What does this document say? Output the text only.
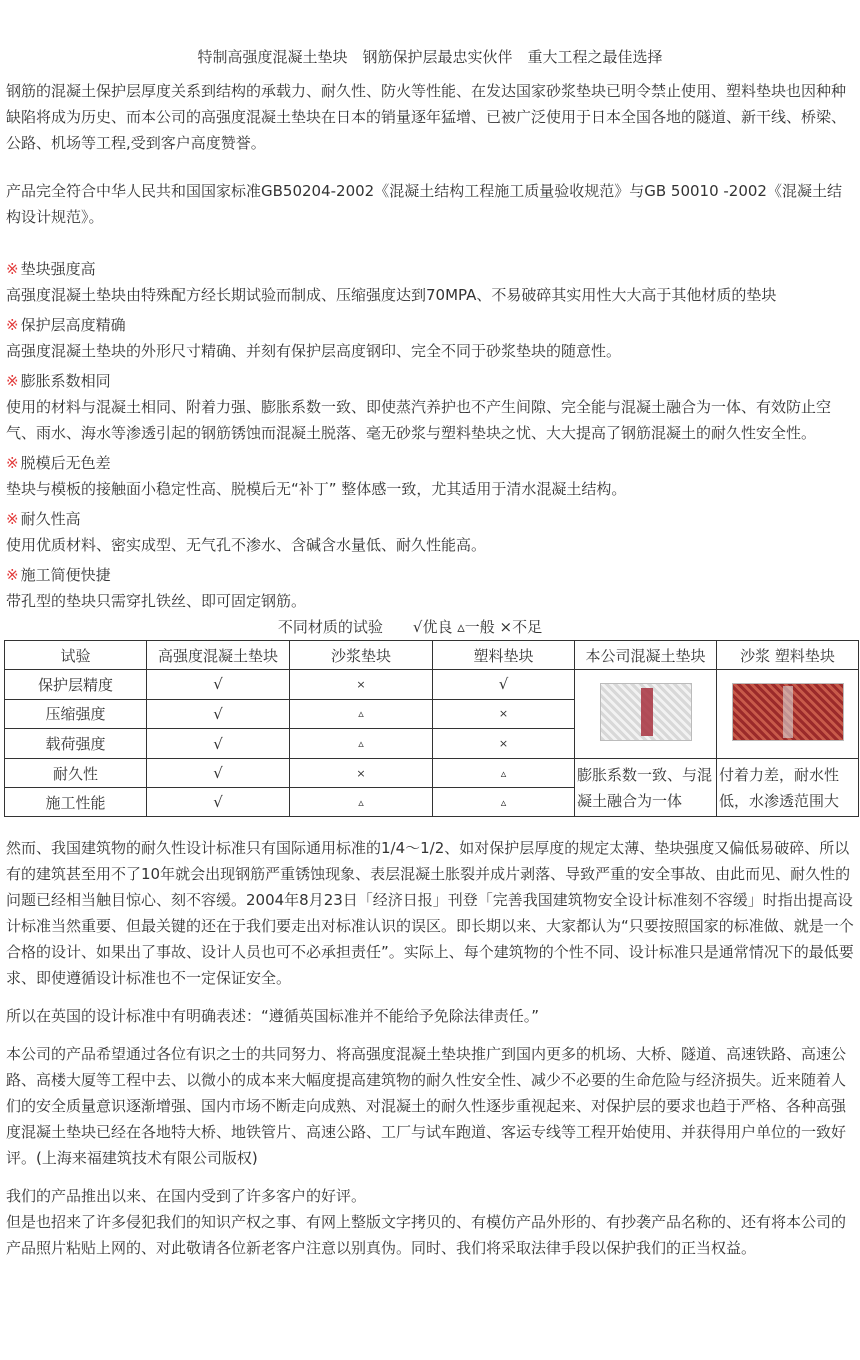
特制高强度混凝土垫块　钢筋保护层最忠实伙伴　重大工程之最佳选择

钢筋的混凝土保护层厚度关系到结构的承载力、耐久性、防火等性能、在发达国家砂浆垫块已明令禁止使用、塑料垫块也因种种缺陷将成为历史、而本公司的高强度混凝土垫块在日本的销量逐年猛增、已被广泛使用于日本全国各地的隧道、新干线、桥梁、公路、机场等工程,受到客户高度赞誉。

产品完全符合中华人民共和国国家标准GB50204-2002《混凝土结构工程施工质量验收规范》与GB 50010 -2002《混凝土结构设计规范》。

※ 垫块强度高

高强度混凝土垫块由特殊配方经长期试验而制成、压缩强度达到70MPA、不易破碎其实用性大大高于其他材质的垫块

※ 保护层高度精确

高强度混凝土垫块的外形尺寸精确、并刻有保护层高度钢印、完全不同于砂浆垫块的随意性。

※ 膨胀系数相同

使用的材料与混凝土相同、附着力强、膨胀系数一致、即使蒸汽养护也不产生间隙、完全能与混凝土融合为一体、有效防止空气、雨水、海水等渗透引起的钢筋锈蚀而混凝土脱落、毫无砂浆与塑料垫块之忧、大大提高了钢筋混凝土的耐久性安全性。

※ 脱模后无色差

垫块与模板的接触面小稳定性高、脱模后无“补丁” 整体感一致，尤其适用于清水混凝土结构。

※ 耐久性高

使用优质材料、密实成型、无气孔不渗水、含碱含水量低、耐久性能高。

※ 施工简便快捷

带孔型的垫块只需穿扎铁丝、即可固定钢筋。

不同材质的试验　　√优良 ▵一般 ×不足
试验	高强度混凝土垫块	沙浆垫块	塑料垫块	本公司混凝土垫块	沙浆 塑料垫块
保护层精度	√	×	√		
压缩强度	√	▵	×		
载荷强度	√	▵	×		
耐久性	√	×	▵	膨胀系数一致、与混凝土融合为一体	付着力差，耐水性低，水渗透范围大
施工性能	√	▵	▵		

然而、我国建筑物的耐久性设计标准只有国际通用标准的1/4～1/2、如对保护层厚度的规定太薄、垫块强度又偏低易破碎、所以有的建筑甚至用不了10年就会出现钢筋严重锈蚀现象、表层混凝土胀裂并成片剥落、导致严重的安全事故、由此而见、耐久性的问题已经相当触目惊心、刻不容缓。2004年8月23日「经济日报」刊登「完善我国建筑物安全设计标准刻不容缓」时指出提高设计标准当然重要、但最关键的还在于我们要走出对标准认识的误区。即长期以来、大家都认为“只要按照国家的标准做、就是一个合格的设计、如果出了事故、设计人员也可不必承担责任”。实际上、每个建筑物的个性不同、设计标准只是通常情况下的最低要求、即使遵循设计标准也不一定保证安全。

所以在英国的设计标准中有明确表述：“遵循英国标准并不能给予免除法律责任。”

本公司的产品希望通过各位有识之士的共同努力、将高强度混凝土垫块推广到国内更多的机场、大桥、隧道、高速铁路、高速公路、高楼大厦等工程中去、以微小的成本来大幅度提高建筑物的耐久性安全性、减少不必要的生命危险与经济损失。近来随着人们的安全质量意识逐渐增强、国内市场不断走向成熟、对混凝土的耐久性逐步重视起来、对保护层的要求也趋于严格、各种高强度混凝土垫块已经在各地特大桥、地铁管片、高速公路、工厂与试车跑道、客运专线等工程开始使用、并获得用户单位的一致好评。(上海来福建筑技术有限公司版权)

我们的产品推出以来、在国内受到了许多客户的好评。

但是也招来了许多侵犯我们的知识产权之事、有网上整版文字拷贝的、有模仿产品外形的、有抄袭产品名称的、还有将本公司的产品照片粘贴上网的、对此敬请各位新老客户注意以别真伪。同时、我们将采取法律手段以保护我们的正当权益。
